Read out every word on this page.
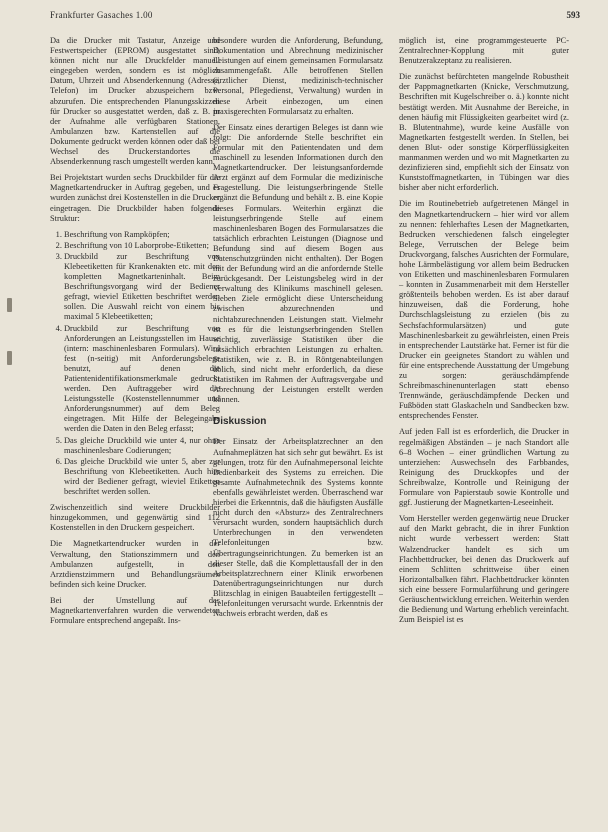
Frankfurter Gasaches 1.00	593

Da die Drucker mit Tastatur, Anzeige und Festwertspeicher (EPROM) ausgestattet sind, können nicht nur alle Druckfelder manuell eingegeben werden, sondern es ist möglich Datum, Uhrzeit und Absenderkennung (Adresse, Telefon) im Drucker abzuspeichern bzw. abzurufen. Die entsprechenden Planungsskizzen für Drucker so ausgestattet werden, daß z. B. in der Aufnahme alle verfügbaren Stationen, Ambulanzen bzw. Kartenstellen auf die Dokumente gedruckt werden können oder daß bei Wechsel des Druckerstandortes die Absenderkennung rasch umgestellt werden kann.

Bei Projektstart wurden sechs Druckbilder für die Magnetkartendrucker in Auftrag gegeben, und es wurden zunächst drei Kostenstellen in die Drucker eingetragen. Die Druckbilder haben folgende Struktur:

1. Beschriftung von Rampköpfen;
2. Beschriftung von 10 Laborprobe-Etiketten;
3. Druckbild zur Beschriftung von Klebeetiketten für Krankenakten etc. mit den kompletten Magnetkarteninhalt. Beim Beschriftungsvorgang wird der Bediener gefragt, wieviel Etiketten beschriftet werden sollen. Die Auswahl reicht von einem bis maximal 5 Klebeetiketten;
4. Druckbild zur Beschriftung von Anforderungen an Leistungsstellen im Hause (intern: maschinenlesbaren Formulars). Wird fest (n-seitig) mit Anforderungsbelege benutzt, auf denen die Patientenidentifikationsmerkmale gedruckt werden. Den Auftraggeber wird die Leistungsstelle (Kostenstellennummer und Anforderungsnummer) auf dem Beleg eingetragen. Mit Hilfe der Belegeingabe werden die Daten in den Beleg erfasst;
5. Das gleiche Druckbild wie unter 4, nur ohne maschinenlesbare Codierungen;
6. Das gleiche Druckbild wie unter 5, aber zur Beschriftung von Klebeetiketten. Auch hier wird der Bediener gefragt, wieviel Etiketten beschriftet werden sollen.

Zwischenzeitlich sind weitere Druckbilder hinzugekommen, und gegenwärtig sind 112 Kostenstellen in den Druckern gespeichert.

Die Magnetkartendrucker wurden in der Verwaltung, den Stationszimmern und den Ambulanzen aufgestellt, in den Arztdienstzimmern und Behandlungsräumen befinden sich keine Drucker.

Bei der Umstellung auf das Magnetkartenverfahren wurden die verwendeten Formulare entsprechend angepaßt. Ins-

besondere wurden die Anforderung, Befundung, Dokumentation und Abrechnung medizinischer Leistungen auf einem gemeinsamen Formularsatz zusammengefaßt. Alle betroffenen Stellen (ärztlicher Dienst, medizinisch-technischer Personal, Pflegedienst, Verwaltung) wurden in diese Arbeit einbezogen, um einen praxisgerechten Formularsatz zu erhalten.

Der Einsatz eines derartigen Beleges ist dann wie folgt: Die anfordernde Stelle beschriftet ein Formular mit den Patientendaten und dem maschinell zu lesenden Informationen durch den Magnetkartendrucker. Der leistungsanfordernde Arzt ergänzt auf dem Formular die medizinische Fragestellung. Die leistungserbringende Stelle ergänzt die Befundung und behält z. B. eine Kopie dieses Formulars. Weiterhin ergänzt die leistungserbringende Stelle auf einem maschinenlesbaren Bogen des Formularsatzes die tatsächlich erbrachten Leistungen (Diagnose und Befundung sind auf diesem Bogen aus Datenschutzgründen nicht enthalten). Der Bogen mit der Befundung wird an die anfordernde Stelle zurückgesandt. Der Leistungsbeleg wird in der Verwaltung des Klinikums maschinell gelesen. Sieben Ziele ermöglicht diese Unterscheidung zwischen abzurechnenden und nichtabzurechnenden Leistungen statt. Vielmehr ist es für die leistungserbringenden Stellen wichtig, zuverlässige Statistiken über die tatsächlich erbrachten Leistungen zu erhalten. Statistiken, wie z. B. in Röntgenabteilungen üblich, sind nicht mehr erforderlich, da diese Statistiken im Rahmen der Auftragsvergabe und Abrechnung der Leistungen erstellt werden können.

Diskussion

Der Einsatz der Arbeitsplatzrechner an den Aufnahmeplätzen hat sich sehr gut bewährt. Es ist gelungen, trotz für den Aufnahmepersonal leichte Bedienbarkeit des Systems zu erreichen. Die gesamte Aufnahmetechnik des Systems konnte ebenfalls gewährleistet werden. Überraschend war hierbei die Erkenntnis, daß die häufigsten Ausfälle nicht durch den «Absturz» des Zentralrechners verursacht wurden, sondern hauptsächlich durch Unterbrechungen in den verwendeten Telefonleitungen bzw. Übertragungseinrichtungen. Zu bemerken ist an dieser Stelle, daß die Komplettausfall der in den Arbeitsplatzrechnern einer Klinik erworbenen Datenübertragungseinrichtungen nur durch Blitzschlag in einigen Bauabteilen fertiggestellt – Telefonleitungen verursacht wurde. Erkenntnis der Nachweis erbracht werden, daß es

möglich ist, eine programmgesteuerte PC-Zentralrechner-Kopplung mit guter Benutzerakzeptanz zu realisieren.

Die zunächst befürchteten mangelnde Robustheit der Pappmagnetkarten (Knicke, Verschmutzung, Beschriften mit Kugelschreiber o. ä.) konnte nicht bestätigt werden. Mit Ausnahme der Bereiche, in denen häufig mit Flüssigkeiten gearbeitet wird (z. B. Blutentnahme), wurde keine Ausfälle von Magnetkarten festgestellt werden. In Stellen, bei denen Blut- oder sonstige Körperflüssigkeiten manmanmen werden und wo mit Magnetkarten zu dezinfizieren sind, empfiehlt sich der Einsatz von Kunststoffmagnetkarten, in Tübingen war dies bisher aber nicht erforderlich.

Die im Routinebetrieb aufgetretenen Mängel in den Magnetkartendruckern – hier wird vor allem zu nennen: fehlerhaftes Lesen der Magnetkarten, Bedrucken verschiedenen falsch eingelegter Belege, Verrutschen der Belege beim Druckvorgang, falsches Ausrichten der Formulare, hohe Lärmbelästigung vor allem beim Bedrucken von Etiketten und maschinenlesbaren Formularen – konnten in Zusammenarbeit mit dem Hersteller größtenteils behoben werden. Es ist aber darauf hinzuweisen, daß die Forderung, hohe Durchschlagsleistung zu erzielen (bis zu Sechsfachformularsätzen) und gute Maschinenlesbarkeit zu gewährleisten, einen Preis in entsprechender Lautstärke hat. Ferner ist für die Drucker ein geeignetes Standort zu wählen und für eine entsprechende Ausstattung der Umgebung zu sorgen: geräuschdämpfende Schreibmaschinenunterlagen statt ebenso Trennwände, geräuschdämpfende Decken und Fußböden statt Glaskacheln und Sandbecken bzw. entsprechendes Fenster.

Auf jeden Fall ist es erforderlich, die Drucker in regelmäßigen Abständen – je nach Standort alle 6–8 Wochen – einer gründlichen Wartung zu unterziehen: Auswechseln des Farbbandes, Reinigung des Druckkopfes und der Schreibwalze, Kontrolle und Reinigung der Formulare von Papierstaub sowie Kontrolle und ggf. Justierung der Magnetkarten-Leseeinheit.

Vom Hersteller werden gegenwärtig neue Drucker auf den Markt gebracht, die in ihrer Funktion nicht wurde verbessert werden: Statt Walzendrucker handelt es sich um Flachbettdrucker, bei denen das Druckwerk auf einem Schlitten schrittweise über einen Horizontalbalken fährt. Flachbettdrucker könnten sich eine bessere Formularführung und geringere Geräuschentwicklung erreichen. Weiterhin werden die Bedienung und Wartung erheblich vereinfacht. Zum Beispiel ist es
